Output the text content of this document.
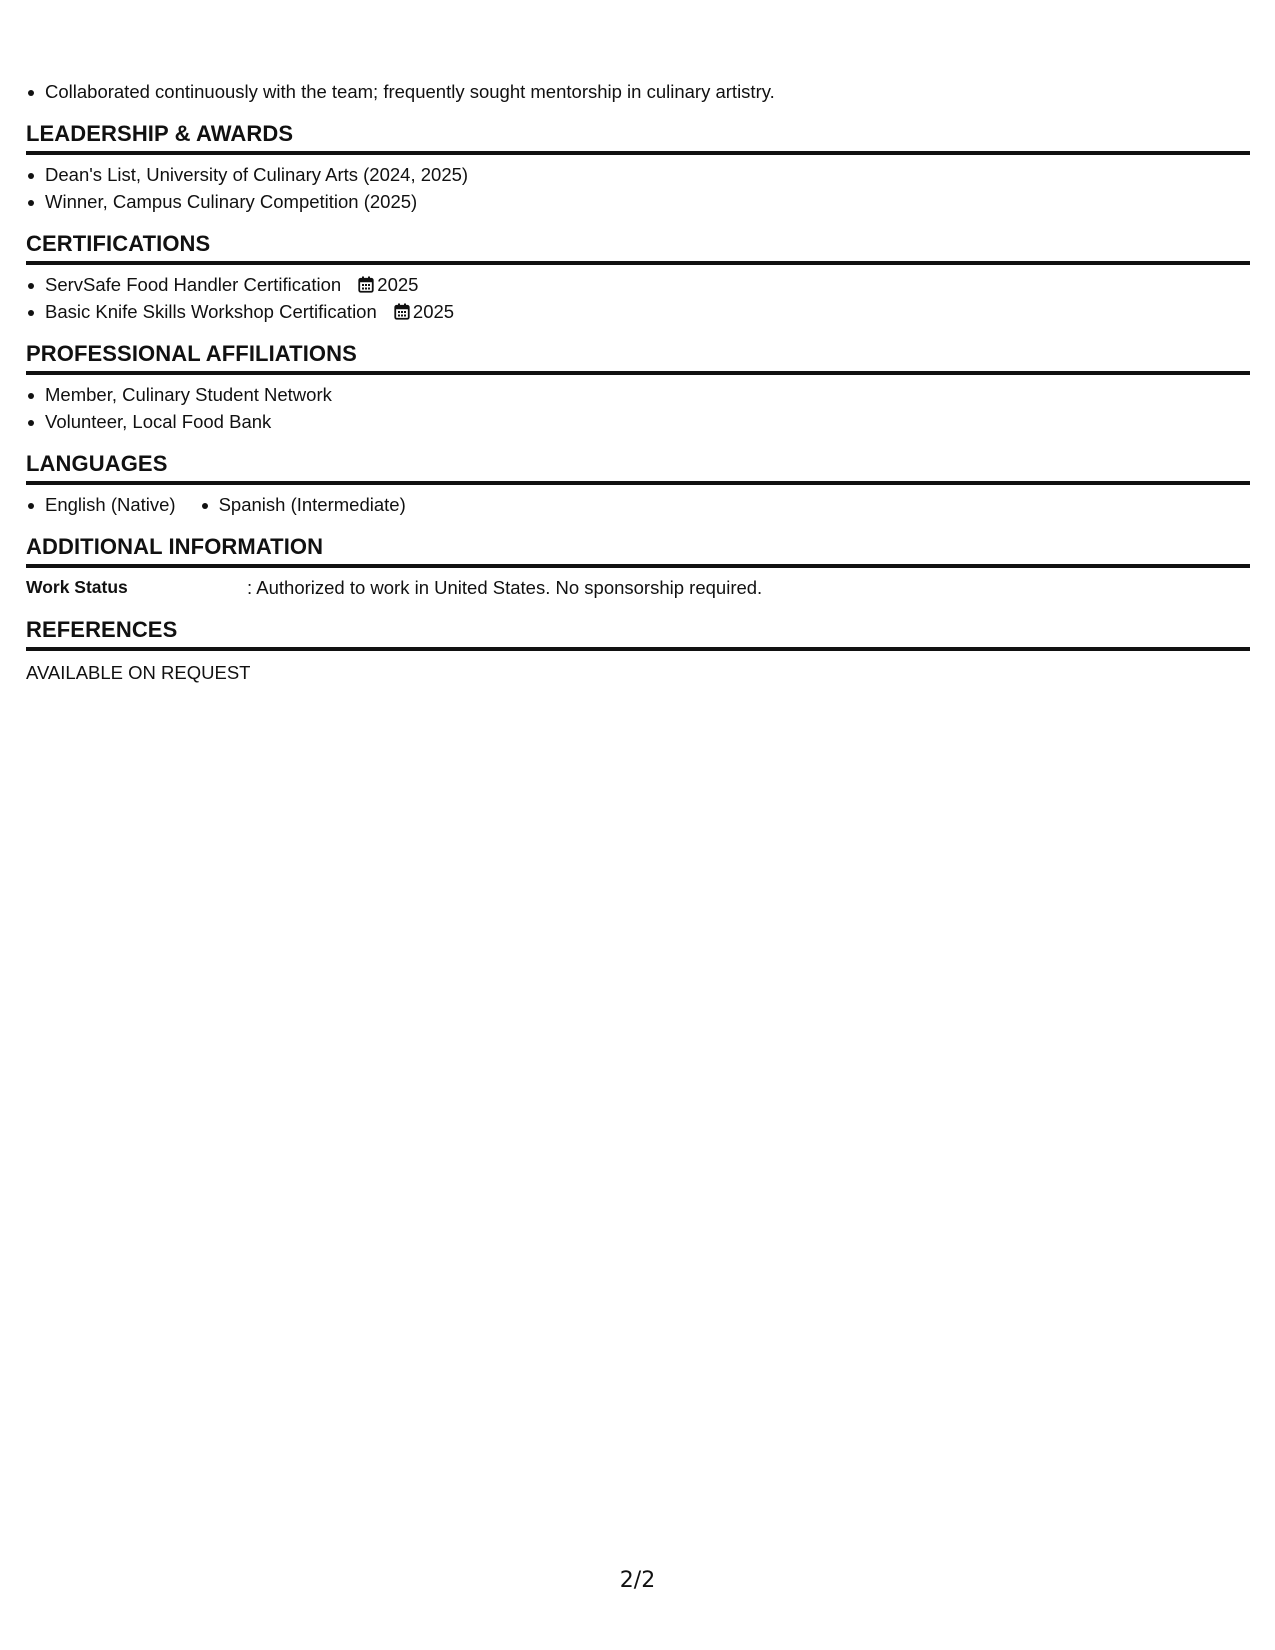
Collaborated continuously with the team; frequently sought mentorship in culinary artistry.
LEADERSHIP & AWARDS
Dean's List, University of Culinary Arts (2024, 2025)
Winner, Campus Culinary Competition (2025)
CERTIFICATIONS
ServSafe Food Handler Certification 2025
Basic Knife Skills Workshop Certification 2025
PROFESSIONAL AFFILIATIONS
Member, Culinary Student Network
Volunteer, Local Food Bank
LANGUAGES
English (Native)	Spanish (Intermediate)
ADDITIONAL INFORMATION
Work Status	: Authorized to work in United States. No sponsorship required.
REFERENCES
AVAILABLE ON REQUEST
2/2
